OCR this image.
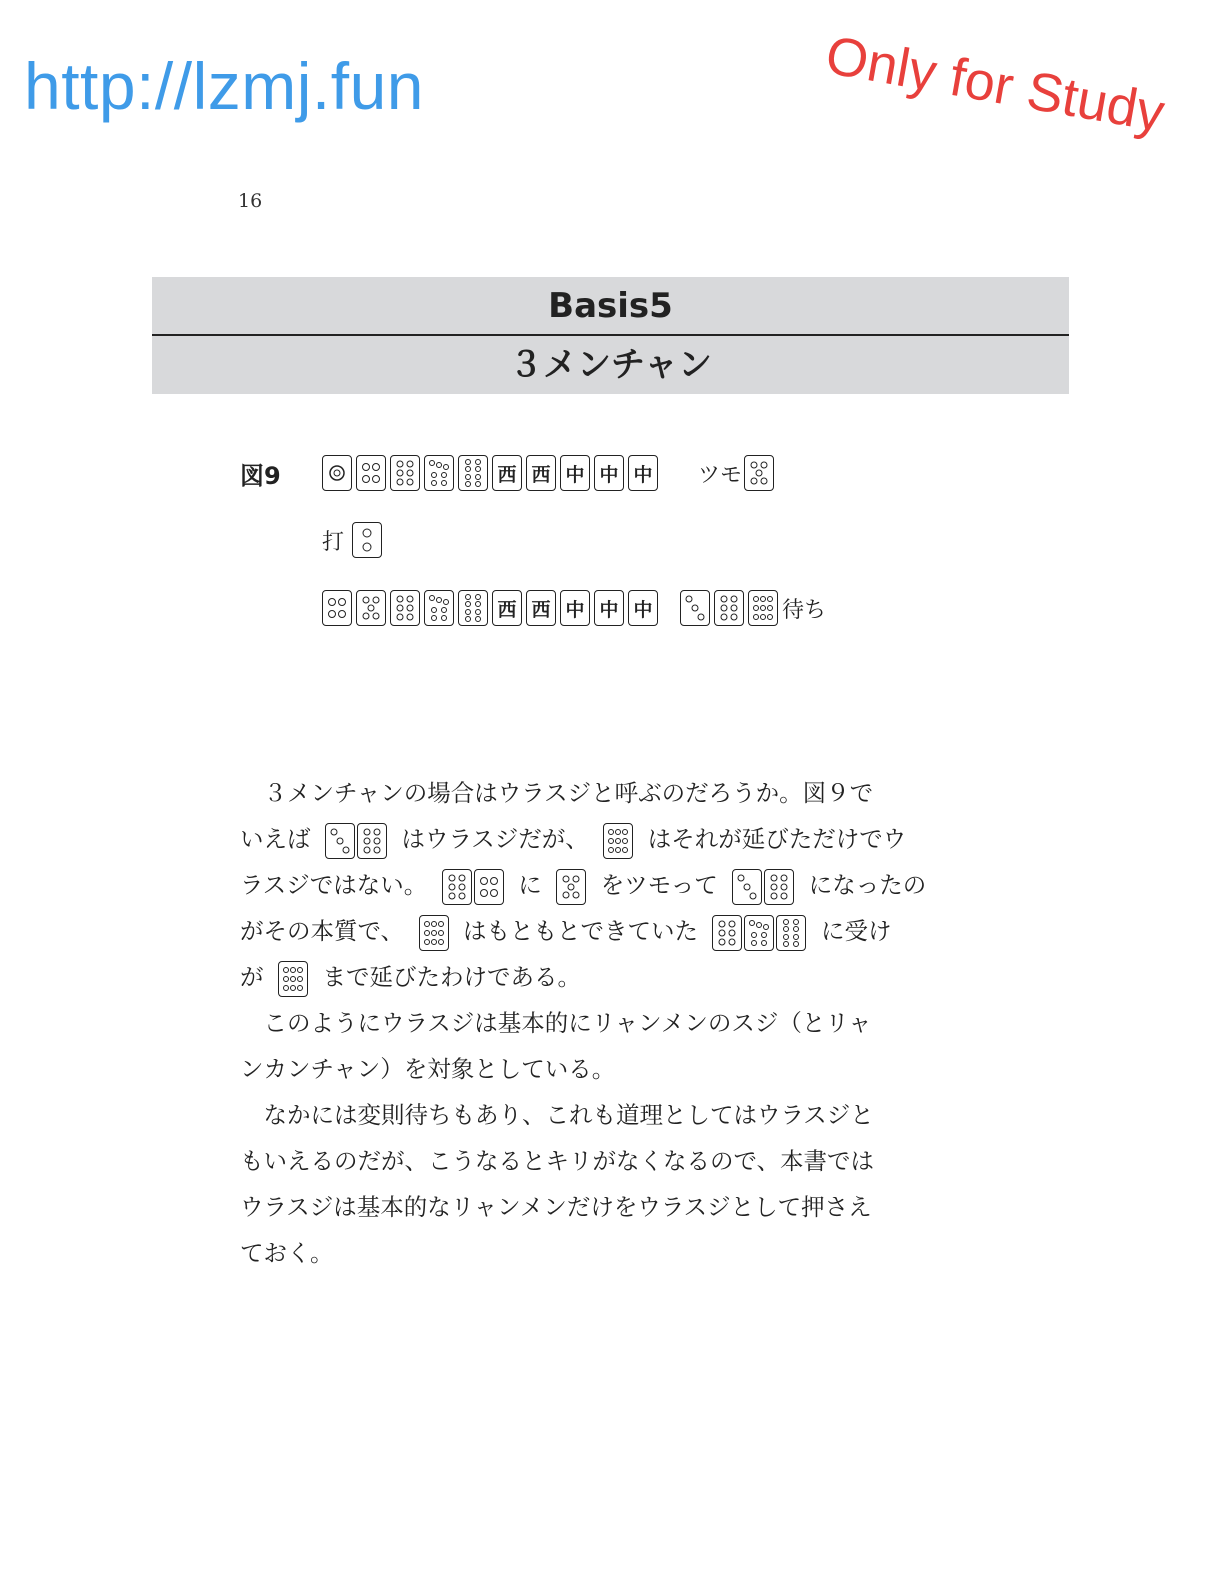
http://lzmj.fun	Only for Study
16
Basis5
３メンチャン
図9	西 西 中 中 中 ツモ
打
西 西 中 中 中	待ち

３メンチャンの場合はウラスジと呼ぶのだろうか。図９で
いえば	はウラスジだが、	はそれが延びただけでウ
ラスジではない。	に	をツモって	になったの
がその本質で、	はもともとできていた	に受け
が	まで延びたわけである。

このようにウラスジは基本的にリャンメンのスジ（とリャ
ンカンチャン）を対象としている。

なかには変則待ちもあり、これも道理としてはウラスジと
もいえるのだが、こうなるとキリがなくなるので、本書では
ウラスジは基本的なリャンメンだけをウラスジとして押さえ
ておく。
